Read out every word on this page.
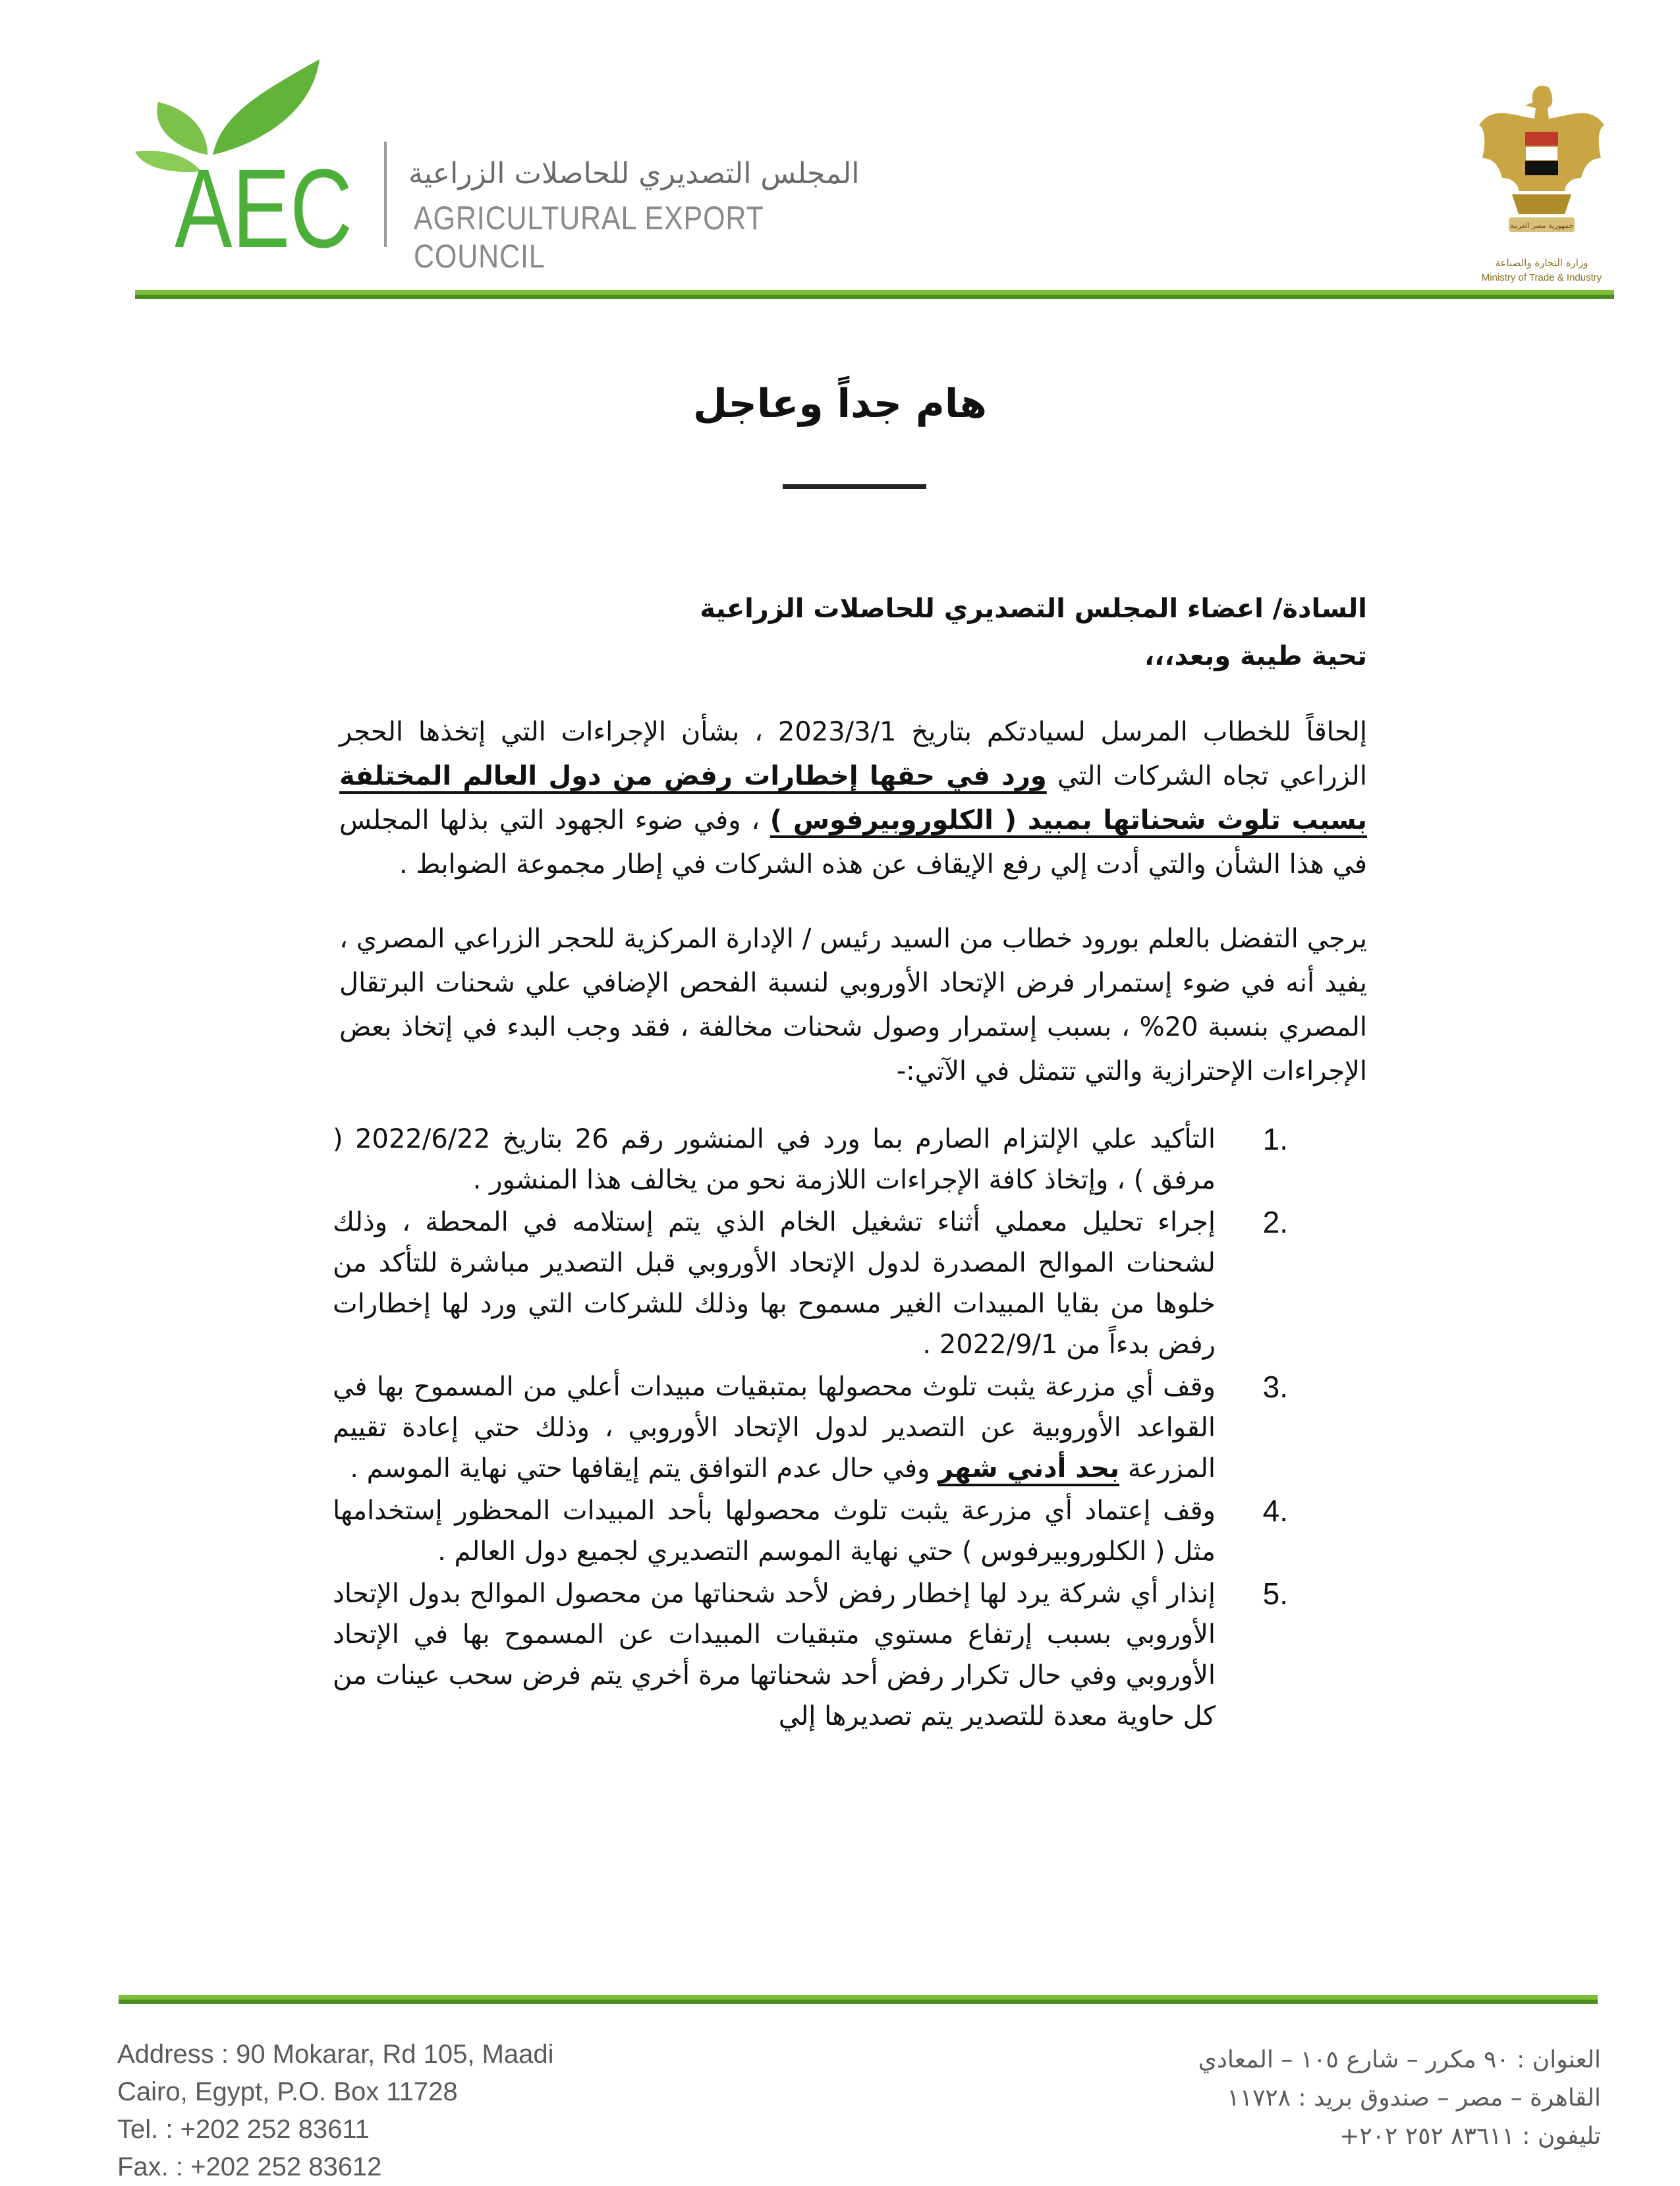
AEC المجلس التصديري للحاصلات الزراعية
AGRICULTURAL EXPORT COUNCIL
جمهورية مصر العربية
وزارة التجارة والصناعة
Ministry of Trade & Industry
هام جداً وعاجل
السادة/ اعضاء المجلس التصديري للحاصلات الزراعية
تحية طيبة وبعد،،،
إلحاقاً للخطاب المرسل لسيادتكم بتاريخ 2023/3/1 ، بشأن الإجراءات التي إتخذها الحجر الزراعي تجاه الشركات التي ورد في حقها إخطارات رفض من دول العالم المختلفة بسبب تلوث شحناتها بمبيد ( الكلوروبيرفوس ) ، وفي ضوء الجهود التي بذلها المجلس في هذا الشأن والتي أدت إلي رفع الإيقاف عن هذه الشركات في إطار مجموعة الضوابط .
يرجي التفضل بالعلم بورود خطاب من السيد رئيس / الإدارة المركزية للحجر الزراعي المصري ، يفيد أنه في ضوء إستمرار فرض الإتحاد الأوروبي لنسبة الفحص الإضافي علي شحنات البرتقال المصري بنسبة 20% ، بسبب إستمرار وصول شحنات مخالفة ، فقد وجب البدء في إتخاذ بعض الإجراءات الإحترازية والتي تتمثل في الآتي:-
1.
التأكيد علي الإلتزام الصارم بما ورد في المنشور رقم 26 بتاريخ 2022/6/22 ( مرفق ) ، وإتخاذ كافة الإجراءات اللازمة نحو من يخالف هذا المنشور .
2.
إجراء تحليل معملي أثناء تشغيل الخام الذي يتم إستلامه في المحطة ، وذلك لشحنات الموالح المصدرة لدول الإتحاد الأوروبي قبل التصدير مباشرة للتأكد من خلوها من بقايا المبيدات الغير مسموح بها وذلك للشركات التي ورد لها إخطارات رفض بدءاً من 2022/9/1 .
3.
وقف أي مزرعة يثبت تلوث محصولها بمتبقيات مبيدات أعلي من المسموح بها في القواعد الأوروبية عن التصدير لدول الإتحاد الأوروبي ، وذلك حتي إعادة تقييم المزرعة بحد أدني شهر وفي حال عدم التوافق يتم إيقافها حتي نهاية الموسم .
4.
وقف إعتماد أي مزرعة يثبت تلوث محصولها بأحد المبيدات المحظور إستخدامها مثل ( الكلوروبيرفوس ) حتي نهاية الموسم التصديري لجميع دول العالم .
5.
إنذار أي شركة يرد لها إخطار رفض لأحد شحناتها من محصول الموالح بدول الإتحاد الأوروبي بسبب إرتفاع مستوي متبقيات المبيدات عن المسموح بها في الإتحاد الأوروبي وفي حال تكرار رفض أحد شحناتها مرة أخري يتم فرض سحب عينات من كل حاوية معدة للتصدير يتم تصديرها إلي
Address : 90 Mokarar, Rd 105, Maadi
Cairo, Egypt, P.O. Box 11728
Tel. : +202 252 83611
Fax. : +202 252 83612
العنوان : ٩٠ مكرر – شارع ١٠٥ – المعادي
القاهرة – مصر – صندوق بريد : ١١٧٢٨
تليفون : ٨٣٦١١ ٢٥٢ ٢٠٢+
